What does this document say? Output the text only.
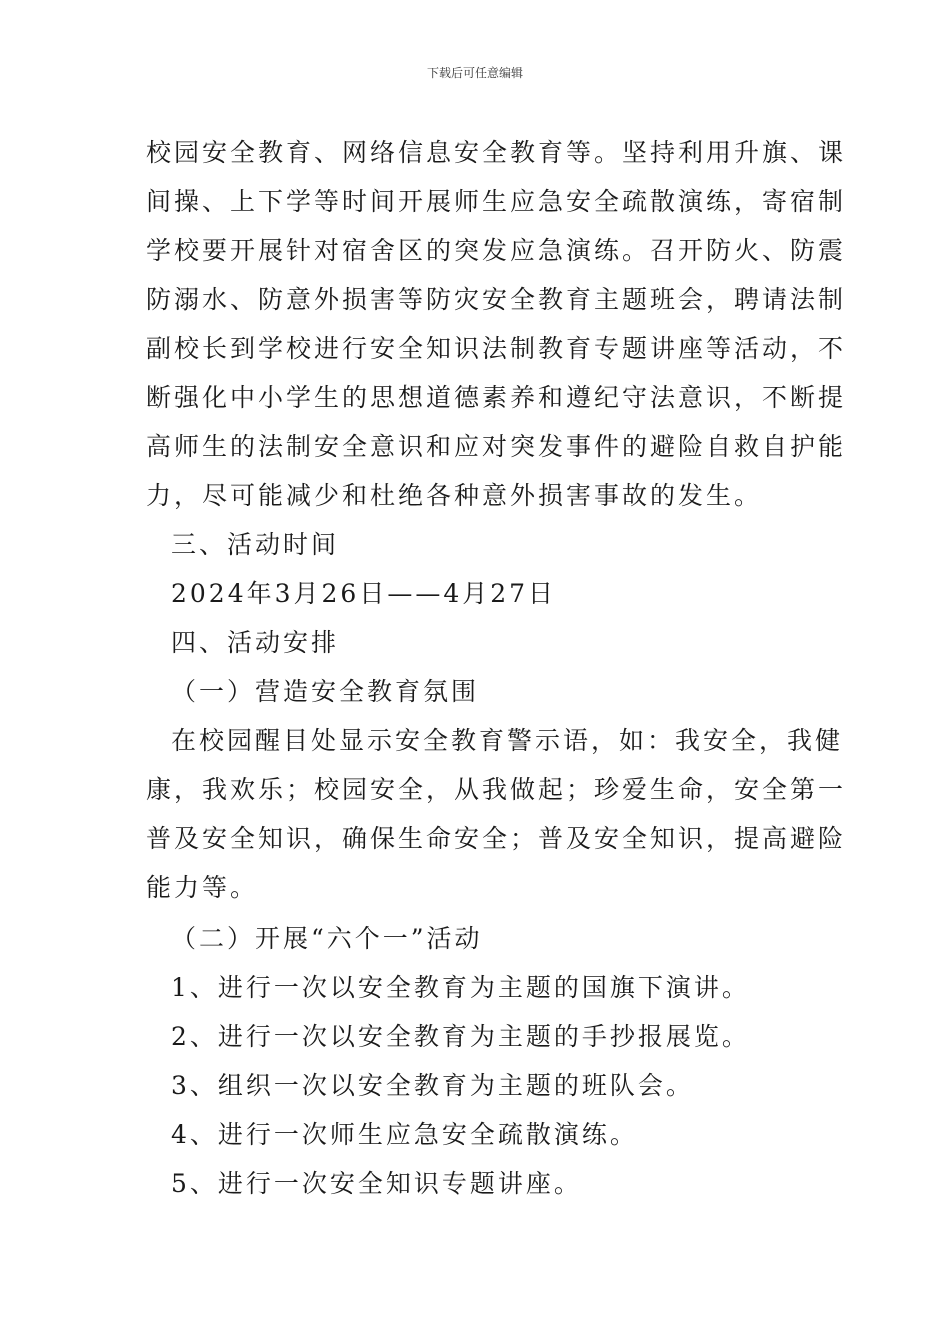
下载后可任意编辑
校园安全教育、网络信息安全教育等。坚持利用升旗、课
间操、上下学等时间开展师生应急安全疏散演练，寄宿制
学校要开展针对宿舍区的突发应急演练。召开防火、防震
防溺水、防意外损害等防灾安全教育主题班会，聘请法制
副校长到学校进行安全知识法制教育专题讲座等活动，不
断强化中小学生的思想道德素养和遵纪守法意识，不断提
高师生的法制安全意识和应对突发事件的避险自救自护能
力，尽可能减少和杜绝各种意外损害事故的发生。
三、活动时间
2024年3月26日——4月27日
四、活动安排
（一）营造安全教育氛围
在校园醒目处显示安全教育警示语，如：我安全，我健
康，我欢乐；校园安全，从我做起；珍爱生命，安全第一
普及安全知识，确保生命安全；普及安全知识，提高避险
能力等。
（二）开展“六个一”活动
1、进行一次以安全教育为主题的国旗下演讲。
2、进行一次以安全教育为主题的手抄报展览。
3、组织一次以安全教育为主题的班队会。
4、进行一次师生应急安全疏散演练。
5、进行一次安全知识专题讲座。
